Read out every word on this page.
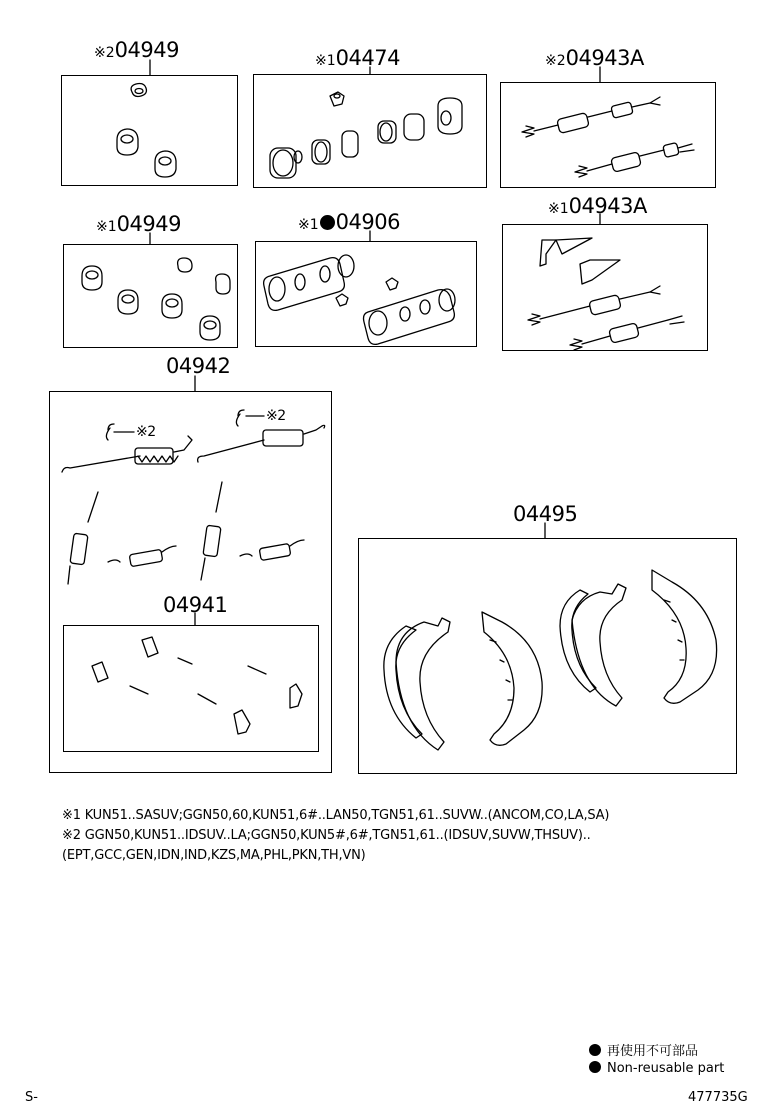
※204949	※104474	※204943A
※104949	※1 04906
※104943A
04942
04941
04495
※2
※2
※1 KUN51..SASUV;GGN50,60,KUN51,6#..LAN50,TGN51,61..SUVW..(ANCOM,CO,LA,SA)
※2 GGN50,KUN51..IDSUV..LA;GGN50,KUN5#,6#,TGN51,61..(IDSUV,SUVW,THSUV)..
(EPT,GCC,GEN,IDN,IND,KZS,MA,PHL,PKN,TH,VN)
再使用不可部品
Non-reusable part
S-	477735G
